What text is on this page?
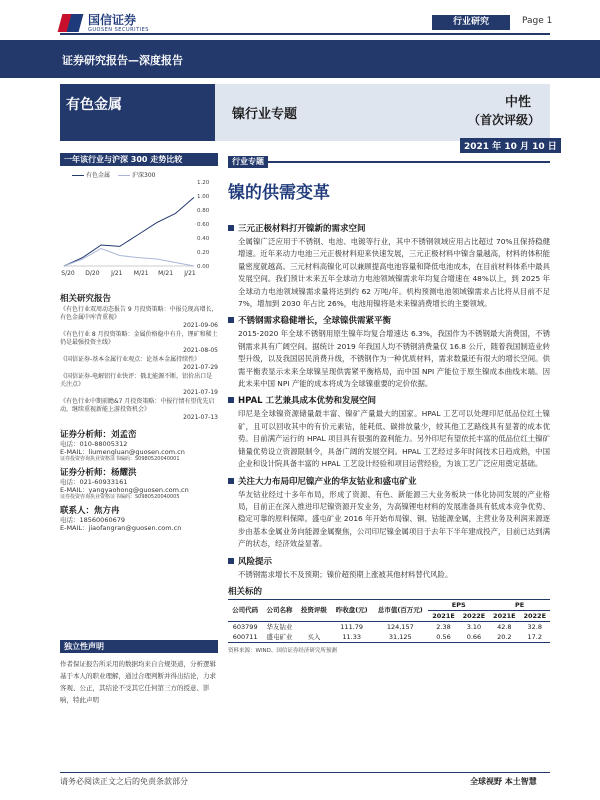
国信证券
GUOSEN SECURITIES
行业研究	Page 1
证券研究报告—深度报告
有色金属
镍行业专题
中性
（首次评级）
2021 年 10 月 10 日
一年该行业与沪深 300 走势比较
有色金属	沪深300
1.20
1.00
0.80
0.60
0.40
0.20
0.00
S/20 D/20 J/21 M/21 M/21 J/21
相关研究报告
《有色行业双周动态报告 9 月投资策略：中报兑现高增长，有色金属中库背重视》
2021-09-06
《有色行业 8 月投资策略：金属价格稳中有升，锂矿和稀土仍是最强投资主线》
2021-08-05
《国信证券-基本金属行业观点：论基本金属持续性》
2021-07-29
《国信证券-电解铝行业快评：俄北能源不断，铝价出口是关注点》
2021-07-19
《有色行业中期前瞻&7 月投资策略：中报行情有望优先启动，继续重视新能上游投资机会》
2021-07-13
证券分析师：刘孟峦
电话：010-88005312
E-MAIL：liumengluan@guosen.com.cn
证券投资咨询执业资格证书编码：S0980520040001
证券分析师：杨耀洪
电话：021-60933161
E-MAIL：yangyaohong@guosen.com.cn
证券投资咨询执业资格证书编码：S0980520040005
联系人：焦方冉
电话：18560060679
E-MAIL：jiaofangran@guosen.com.cn
独立性声明
作者保证报告所采用的数据均来自合规渠道，分析逻辑基于本人的职业理解，通过合理判断并得出结论，力求客观、公正，其结论不受其它任何第三方的授意、影响，特此声明
行业专题
镍的供需变革
三元正极材料打开镍新的需求空间
全属镍广泛应用于不锈钢、电池、电镀等行业，其中不锈钢领域应用占比超过 70%且保持稳健增速。近年来动力电池三元正极材料迎来快速发展，三元正极材料中镍含量越高，材料的体积能量密度就越高。三元材料高镍化可以兼顾提高电池容量和降低电池成本，在目前材料体系中最具发展空间。我们预计未来五年全球动力电池领域镍需求年均复合增速在 48%以上，到 2025 年全球动力电池领域镍需求量将达到约 62 万吨/年。机构预测电池领域镍需求占比将从目前不足 7%，增加到 2030 年占比 26%，电池用镍将是未来镍消费增长的主要领域。
不锈钢需求稳健增长，全球镍供需紧平衡
2015-2020 年全球不锈钢用原生镍年均复合增速达 6.3%，我国作为不锈钢最大消费国，不锈钢需求具有广阔空间。据统计 2019 年我国人均不锈钢消费量仅 16.8 公斤，随着我国制造业转型升级，以及我国居民消费升级，不锈钢作为一种优质材料，需求数量还有很大的增长空间。供需平衡表显示未来全球镍呈现供需紧平衡格局，而中国 NPI 产能位于原生镍成本曲线末端。因此未来中国 NPI 产能的成本将成为全球镍重要的定价依据。
HPAL 工艺兼具成本优势和发展空间
印尼是全球镍资源储量最丰富、镍矿产量最大的国家。HPAL 工艺可以处理印尼低品位红土镍矿，且可以回收其中的有价元素钴，能耗低、碳排放量少，较其他工艺路线具有显著的成本优势。目前满产运行的 HPAL 项目具有很强的盈利能力。另外印尼有望依托丰富的低品位红土镍矿储量优势设立资源限制令，具备广阔的发展空间。HPAL 工艺经过多年时间技术日趋成熟，中国企业和设计院具备丰富的 HPAL 工艺设计经验和项目运营经验，为该工艺广泛应用奠定基础。
关注大力布局印尼镍产业的华友钴业和盛屯矿业
华友钴业经过十多年布局，形成了资源、有色、新能源三大业务板块一体化协同发展的产业格局，目前正在深入推进印尼镍资源开发业务，为高镍锂电材料的发展准备具有低成本竞争优势、稳定可靠的原料保障。盛屯矿业 2016 年开始布局镍、铜、钴能源金属，主营业务及利润来源逐步由基本金属业务向能源金属聚焦，公司印尼镍金属项目于去年下半年建成投产，目前已达到满产的状态，经济效益显著。
风险提示
不锈钢需求增长不及预期；镍价超预期上涨被其他材料替代风险。
相关标的
公司代码	公司名称	投资评级	昨收盘(元)	总市值(百万元)	EPS		PE	
					2021E	2022E	2021E	2022E
603799	华友钴业		111.79	124,157	2.38	3.10	42.8	32.8
600711	盛屯矿业	买入	11.33	31,125	0.56	0.66	20.2	17.2
资料来源：WIND、国信证券经济研究所预测
请务必阅读正文之后的免责条款部分	全球视野 本土智慧
